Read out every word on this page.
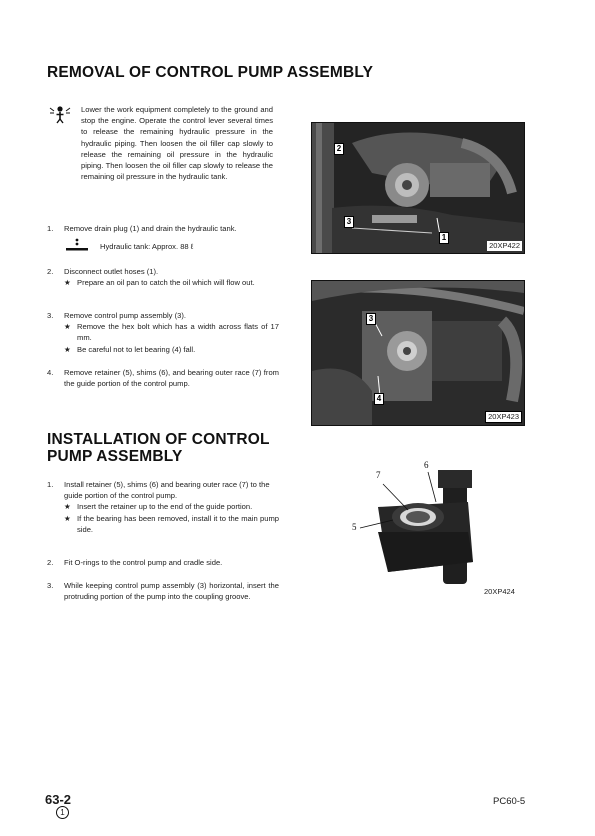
REMOVAL OF CONTROL PUMP ASSEMBLY
Lower the work equipment completely to the ground and stop the engine. Operate the control lever several times to release the remaining hydraulic pressure in the hydraulic piping. Then loosen the oil filler cap slowly to release the remaining oil pressure in the hydraulic piping. Then loosen the oil filler cap slowly to release the remaining oil pressure in the hydraulic tank.
1. Remove drain plug (1) and drain the hydraulic tank.
Hydraulic tank: Approx. 88 ℓ
2. Disconnect outlet hoses (1).
★ Prepare an oil pan to catch the oil which will flow out.
3. Remove control pump assembly (3).
★ Remove the hex bolt which has a width across flats of 17 mm.
★ Be careful not to let bearing (4) fall.
4. Remove retainer (5), shims (6), and bearing outer race (7) from the guide portion of the control pump.
INSTALLATION OF CONTROL
PUMP ASSEMBLY
1. Install retainer (5), shims (6) and bearing outer race (7) to the guide portion of the control pump.
★ Insert the retainer up to the end of the guide portion.
★ If the bearing has been removed, install it to the main pump side.
2. Fit O-rings to the control pump and cradle side.
3. While keeping control pump assembly (3) horizontal, insert the protruding portion of the pump into the coupling groove.
2
3
1
20XP422
3
4
20XP423
7
6
5
20XP424
63-2
1
PC60-5
